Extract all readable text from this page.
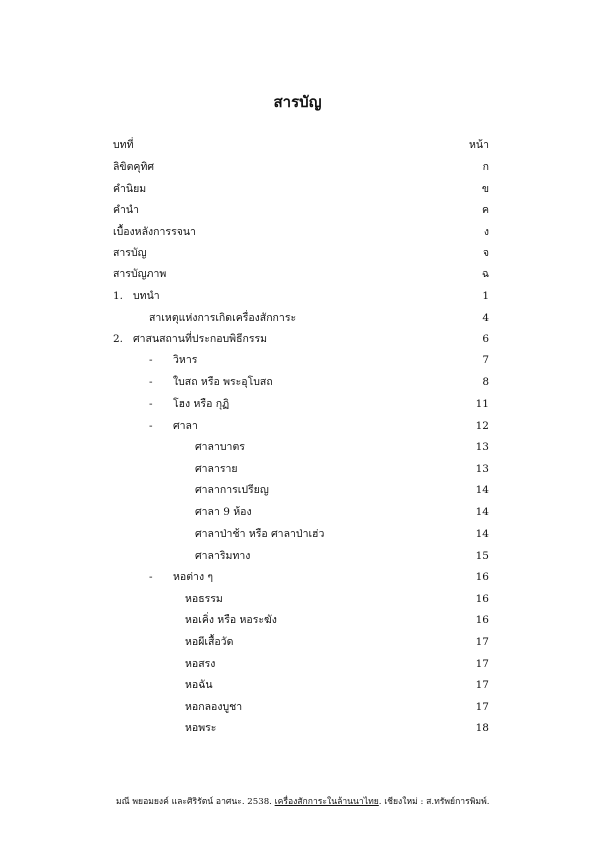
สารบัญ
บทที่	หน้า
ลิขิตคุทิศ	ก
คำนิยม	ข
คำนำ	ค
เบื้องหลังการรจนา	ง
สารบัญ	จ
สารบัญภาพ	ฉ
1. บทนำ	1
สาเหตุแห่งการเกิดเครื่องสักการะ	4
2. ศาสนสถานที่ประกอบพิธีกรรม	6
- วิหาร	7
- ใบสถ หรือ พระอุโบสถ	8
- โฮง หรือ กุฏิ	11
- ศาลา	12
ศาลาบาตร	13
ศาลาราย	13
ศาลาการเปรียญ	14
ศาลา 9 ห้อง	14
ศาลาป่าช้า หรือ ศาลาป่าเฮ่ว	14
ศาลาริมทาง	15
- หอต่าง ๆ	16
หอธรรม	16
หอเคิ่ง หรือ หอระฆัง	16
หอผีเสื้อวัด	17
หอสรง	17
หอฉัน	17
หอกลองบูชา	17
หอพระ	18
มณี พยอมยงค์ และศิริรัตน์ อาศนะ. 2538. เครื่องสักการะในล้านนาไทย. เชียงใหม่ : ส.ทรัพย์การพิมพ์.
